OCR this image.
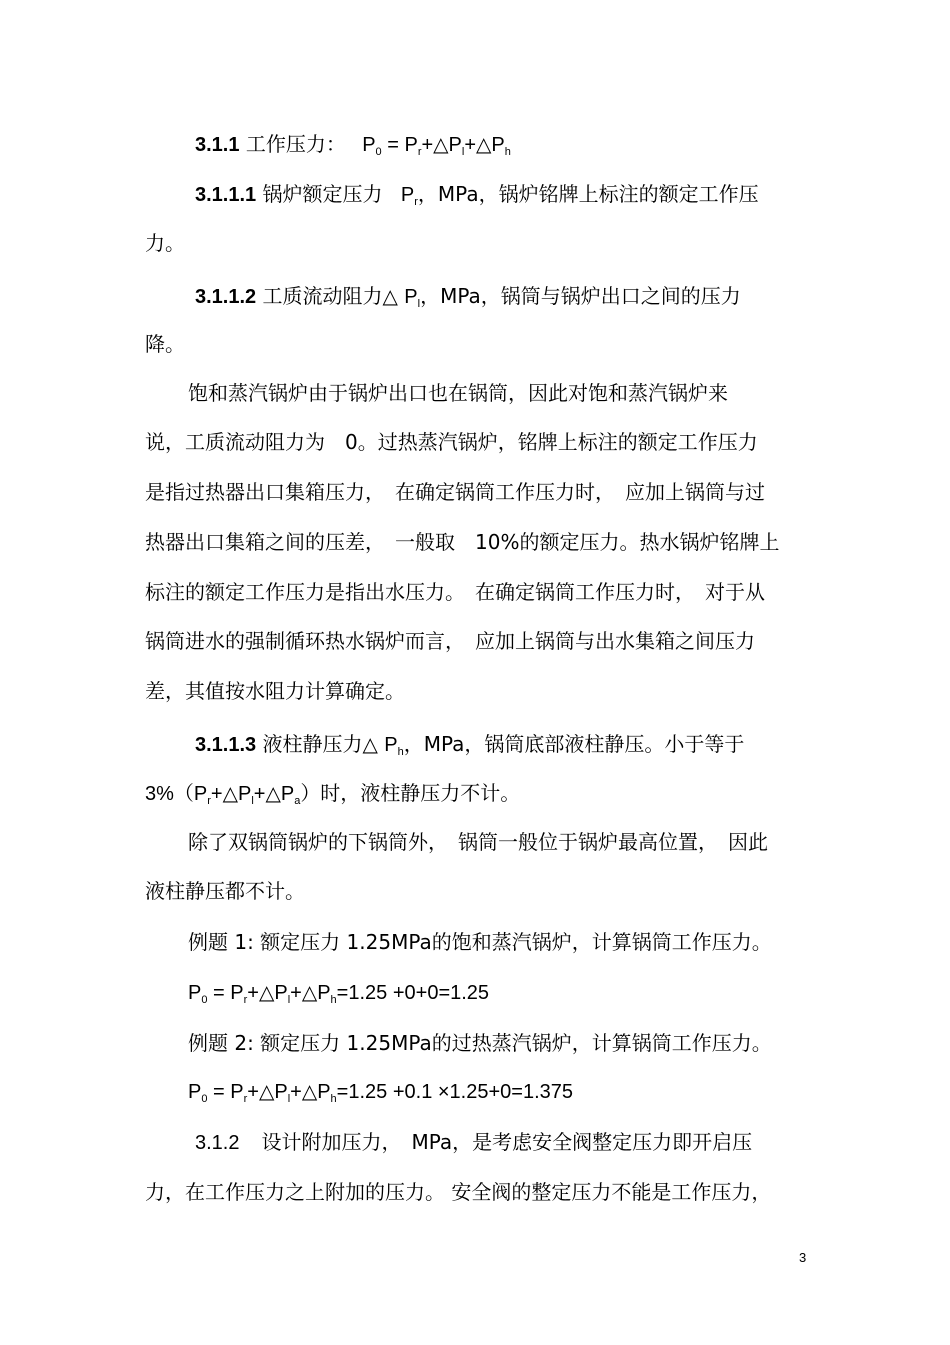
3.1.1 工作压力： $P_0$ = $P_r+\triangle P_l+\triangle P_h$
3.1.1.1 锅炉额定压力 $P_r$，MPa，锅炉铭牌上标注的额定工作压
力。
3.1.1.2 工质流动阻力△ $P_l$，MPa，锅筒与锅炉出口之间的压力
降。
饱和蒸汽锅炉由于锅炉出口也在锅筒，因此对饱和蒸汽锅炉来
说，工质流动阻力为　0。过热蒸汽锅炉，铭牌上标注的额定工作压力
是指过热器出口集箱压力，　在确定锅筒工作压力时，　应加上锅筒与过
热器出口集箱之间的压差，　一般取　10%的额定压力。热水锅炉铭牌上
标注的额定工作压力是指出水压力。　在确定锅筒工作压力时，　对于从
锅筒进水的强制循环热水锅炉而言，　应加上锅筒与出水集箱之间压力
差，其值按水阻力计算确定。
3.1.1.3 液柱静压力△ $P_h$，MPa，锅筒底部液柱静压。小于等于
$3\%(P_r+\triangle P_l+\triangle P_a)$时，液柱静压力不计。
除了双锅筒锅炉的下锅筒外，　锅筒一般位于锅炉最高位置，　因此
液柱静压都不计。
例题 1: 额定压力 1.25MPa的饱和蒸汽锅炉，计算锅筒工作压力。
$P_0$ = $P_r+\triangle P_l+\triangle P_h=1.25 +0+0=1.25$
例题 2: 额定压力 1.25MPa的过热蒸汽锅炉，计算锅筒工作压力。
$P_0$ = $P_r+\triangle P_l+\triangle P_h=1.25 +0.1 \times 1.25+0=1.375$
3.1.2 设计附加压力，　MPa，是考虑安全阀整定压力即开启压
力，在工作压力之上附加的压力。 安全阀的整定压力不能是工作压力，
3
